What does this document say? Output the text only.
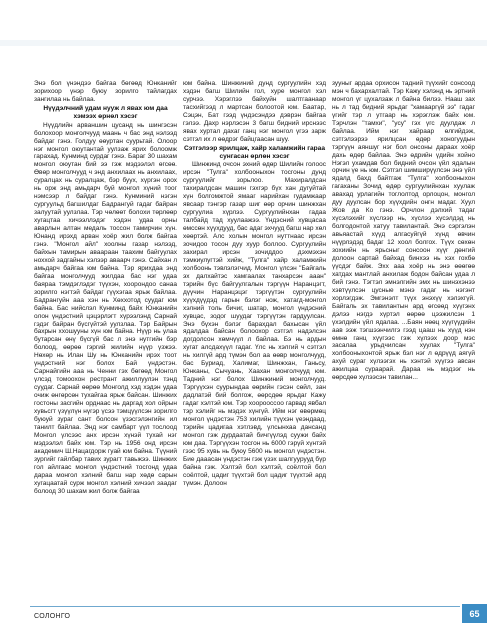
Энэ бол үнэндээ байгаа бөгөөд Юнканийг зорихоор үнэр буюу зорилго тайлагдах зангилаа нь байлаа.

Нүүдэлчний удам нууж л явах юм даа хэмээх өрнөл хэсэг

Нүүдлийн арваншин цусанд нь шингэсэн болохоор монголчууд маань ч бас энд нэлээд байдаг гэнэ. Голдуу өөуртан суурьтай. Олоор нэг монгол оюутантай уулзаж ярих болоомж гарахад. Кунминд сурдаг гэнэ. Бараг 30 шахам монгол оюутан бий ээ гэж мэдээлэл өгсөө. Өвөр монголчууд ч энд анхилаах нь анхилаах, суралцах нь суралцаж, бэр буух, хүргэн орох нь орж энд амьдарч буй монгол хүний тоог нэмсээр л байдаг гэнэ. Кунминий нэгэн сургуульд багшилдаг Бадрангуй гадаг байран залуутай уулзлаа. Тэр чөлөөт болохи төрлөөр хугацтаа хичээллэдэг хэдэн удаа орны аварлын алтан медаль тоссон тамирчин хүн. Юнанд ирэхд арван хоёр жил болж байгаа гэнэ. "Монгол айл" хоолны газар нэлээд, байхын тамирын аваараан таахим байгуулах ноххой задгайны хэлээр аваарч гэнэ. Сайхан л амьдарч байгаа юм байна. Тэр ярихдаа энд байгаа монголчууд жилдаа бас нэг удаа баяраа тэмдэглэдэг түүхэн, хоорондоо санаа зорилго нэгтэй байдаг гүүхэгаа ярьж байлаа. Бадрангуйн ааа хэн нь Хөххотод суудаг юм байна. Бас нийслэл Кунминд байх Юнканийн олон үндэстний цэцэрлэгт хүрээлэнд Сарнай гэдэг байран бүсгүйтэй уулзлаа. Тэр Байрын бахрын ххошууны хүн юм байна. Нүүр нь улаа бутарсан өнү бүсгүй бас л энэ нутгийн бэр болоод, өөрөө гэргий жилийн нүүр үзжээ. Нөхөр нь Илан Шу нь Юнканийн ирэх тоот үндэстний нэг болох Бай үндэстэн. Сарнайгийн ааа нь Ченни гэх бөгөөд Монгол үлсэд томоохон рестрант ажиллуулэн тэнд суудаг. Сарнай өөрөө Монголд хэд хэдэн удаа очиж өнгөрсөн тухайгаа ярьж байсан. Шинжих гостоны засгийн орднаас нь даргад хол ойрын хувьсгт үзүүлүн нүгэр үсээ тэмцүүлсэн зорилго буюуй зураг сант болсон үзэсгэлэнгийн ил танилт байлаа. Энд нэг самбарт үүл тослоод Монгол үлсээс анх ирсэн хүнэй тухай нэг мэдээлэл байх юм. Тэр нь 1956 онд ирсэн академич Ш.Нацагдорж гуай юм байна. Түүний зургийг гайлбар тавих зурагт тавьжээ. Шинжих гол айлгаас монгол үндэстний тосгонд удаа дараа монгол хэлний багш нар хөдө сарын хугацаатай сурж монгол хэлний хичээл заадаг болоод 30 шахам жил болж байгаа

юм байна. Шинжиний дунд сургуулийн хэд хэдэн багш Шилийн гол, хуре монгол хэл сурчээ. Хэрэглээ байхуйн шалтгаанаар тасхийгээд л мартсан болоотой юм. Баатар, Сэцэн, Бат гээд үндэсэндээ дэврэн байгаа гэлээ. Дахр нэрлэсэн 3 багш бидний ирснээс явах хуртал дахаг ганц нэг монгол үгээ зарж сэтгэл их л өөдрэг байцгаасан шуу.

Сэтгэлээр ярилцаж, хайр халамжийн гараа сунгасан өрлөн хэсэг

Шинжинд очсон эхний өдөр Шилийн голоос ирсэн "Тулга" холбооныхон тосгоны дунд сургуулийг зорьлоо. Махиралдсан тахиралдсан машин гэхгэр бүх хан дугуйтай хүн болгомжтой ямааг нарийхан гудамжаар явсаар тэнгэр газар шиг өөр орчин шинжхан сургуулиа хүрлээ. Сургуулийнхан гадаа талбайд тад хуулаажээ. Үндэсний хувцасаа өмссөн хүүхдууд, бас адаг эхчууд багш нар хөл хөөртэй. Алс холын монгол нуттнаас ирсэн зочидоо тосон дуу хуур боллоо. Сургуулийн захирал ирсэн зочиддоо дэхмэхэн тэмкиулугтэй хийж, "Тулга" хайр халамжийн холбоонь тэвлэлэгчид. Монгол үлсэн "Байгаль эх далхайтэс хамгаалах танхарсэн ааан" тэрийн бүс байгуулгалын тэргүүн Наранцэгт, дүүчин Наранцэцэг тэргүүтэн сургуулийн хүүхдүүдэд гарын бэлэг нож, хатагд-монгол хэлний толь бичиг, шатар, монгол үндэсний хувцас, зодог шуудаг тэргүүтэн гардуулсан. Энэ бүхэн бэлэг барахдал бахысан үйл ядалдаа байсан болоохор сэтгэл надэлсэн догдолсон хөмчүүл л байлаа. Бэ нь ардын хугат алсдахүүл гадаг. Үлс нь хэлгий ч сэтгэл нь хилгүй ард түмэн бол аа өөвр монголчууд, бас Буриад, Халимаг, Шинжхан, Ганьсу, Юнканы, Сычуань, Хаахан монголчууд юм. Тадний нэг болох Шинжиний монголчууд. Тэргүүхэн суурындаа өөрийн гэсэн сөйл, зан дадлатэй бий болгож, өөрсдөө ярьдаг Кажу гадаг хэлтэй юм. Тэр хоорооссоо гарвад явбал тэр хэлийг нь мэдэх хүнгүй. Ийм нэг өвөрмөц монгол үндэстэн 753 хилийн түүхэн үеэндаад, тэрийн цадигаа хэтлэвд, үлсынхаа дансанд монгол гэж дурдаатай бичгүүлэд суужи байх юм даа. Тэргүүхэн тосгон нь 6000 гэрүй хүнтэй гээс 95 хувь нь буюу 5600 нь монгол үндэстэн. Бие дааасан үндэстэн гэж үзэх шалгуурууд бүр байна гэж. Хэлтэй бол хэлтэй, соёлтой бол соёлтой, цадиг түүхтэй бол цадиг түүхтэй ард түмэн. Долоон

зууныг ардаа орхисон тадний түүхийг сонсоод мэн ч бахархалтай. Тэр Кажу хэлэнд нь эртний монгол үг цухалзаж л байна билээ. Нааш зах нь л тад бидний ярьдаг "хамааргүй ээ" гадаг үгийг тэр л утгаар нь хэрэглэж байх юм. Тэрчлэн "тамхи", "усу" гэх үгс дуулдаж л байлаа. Ийм нэг хайраар өлгийдэж, сэтгэлээрээ ярилцсан өдөр хоногуудын тэргүүн аяншуг нэг бол онсоны дараах хоёр дахь өдөр байлаа. Энэ өдрийн үдийн хойно Нэгэл ухамдав бол бидний очсон үйл ядалын орчин үе нь юм. Сэтгэл шимширүүлсэн энэ үйл ядалд бахд байтгаж "Тулга" холбооныхон гагаханы Зочид өдөр сургуулийнхан хуулаж авахад урлагийн тоглолтод орлоцон, монгол дуу дуулсан бор хүүхдийн онгн мадаг. Хуул Жов да Ко гэнэ. Орчлон дэлхий тадаг хүсэлэхийг хүслээр нь, хүслээ хүсэлдэд нь болгодонтой хатуу тавилантай. Энэ сэргэлэн авьяастай хүүд алгасуйгүй хүнд өвчин нүүрлэдэд бадаг 12 хоол болгох. Түүх сөхөн зохиийн нь ярьсныг сонсоон хүүг дөнгий долоон сартай байхад бинхээ нь хэх гохбө үүсдэг байж. Эхх ааа хоёр нь энэ өөөгөө хатдах мантлай анхилаж бодон байсан удаа л бий гэнэ. Тэгтэл эмнэлгийн эмх нь шинэхэнээ хэвтүүлсэн цусные мэнэ гадаг нь нэгэнт хорлэгдэж. Эмгэнэлт түүх энэхүү хэлэхгүй. Байгаль эх тавилантын ард өгсөөд хүүгэнх дэлээ нэгдэ хүртэл өөрөө цээжилсэн 1 үхэлдийн үйл ядалаа. ...Баян нөөц хүүгүүдийн аав ээж тэгшээнчилгэ гээд цааш нь хүүд нэн өмнө ганц хүүгээс гэж хүлээх доор мэс засалаа урьдчилсан хуулах "Тулга" холбооныхонтой ярьж бэл нэг л өдрүүд аягүй ахуй сураг хүлээгэх нь хэнтэй хүүгээ авсан ажилцаа сураарай. Дараа нь мэдээг нь өөрсдөө хүлээсэн тавилан...

СОЛОНГО	65
